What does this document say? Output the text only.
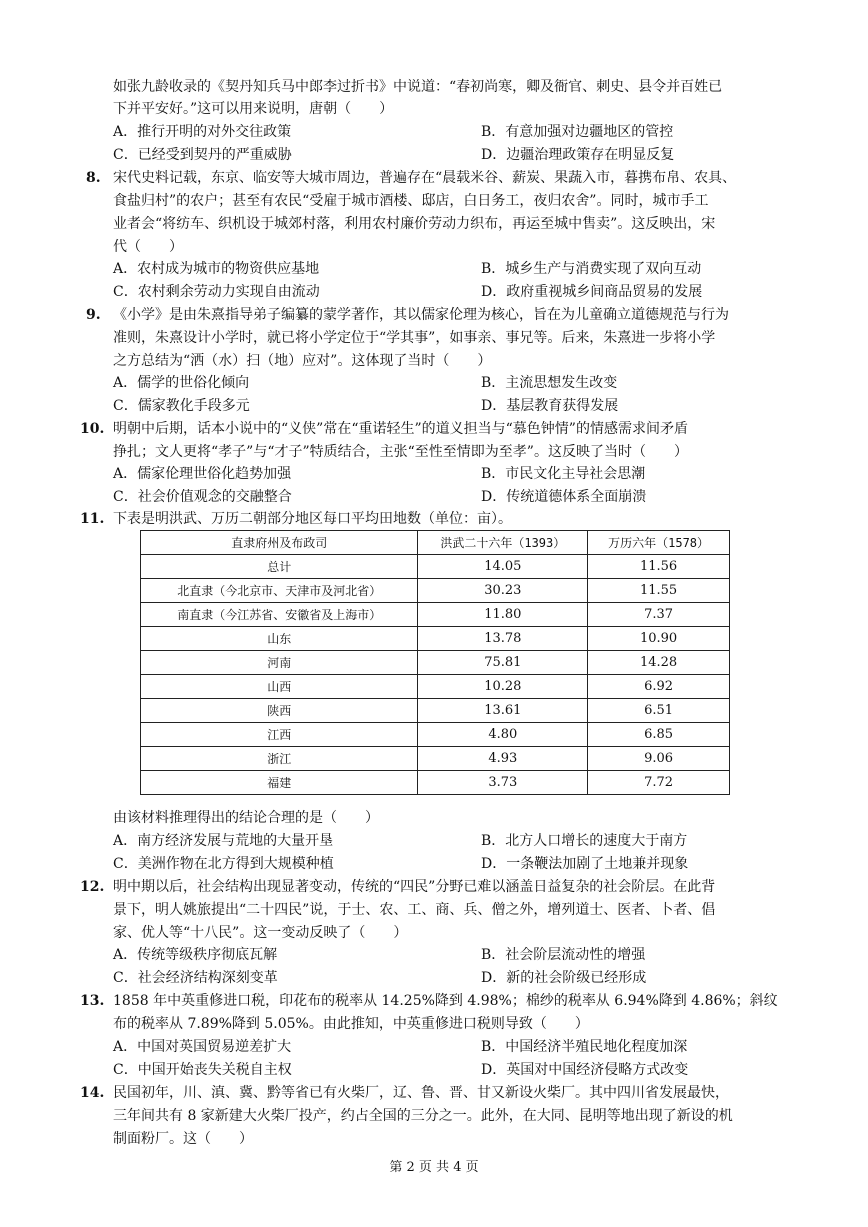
如张九龄收录的《契丹知兵马中郎李过折书》中说道：“春初尚寒，卿及衙官、刺史、县令并百姓已
下并平安好。”这可以用来说明，唐朝（　　）
A．推行开明的对外交往政策	B．有意加强对边疆地区的管控
C．已经受到契丹的严重威胁	D．边疆治理政策存在明显反复
8. 宋代史料记载，东京、临安等大城市周边，普遍存在“晨载米谷、薪炭、果蔬入市，暮携布帛、农具、
食盐归村”的农户；甚至有农民“受雇于城市酒楼、邸店，白日务工，夜归农舍”。同时，城市手工
业者会“将纺车、织机设于城郊村落，利用农村廉价劳动力织布，再运至城中售卖”。这反映出，宋
代（　　）
A．农村成为城市的物资供应基地	B．城乡生产与消费实现了双向互动
C．农村剩余劳动力实现自由流动	D．政府重视城乡间商品贸易的发展
9. 《小学》是由朱熹指导弟子编纂的蒙学著作，其以儒家伦理为核心，旨在为儿童确立道德规范与行为
准则，朱熹设计小学时，就已将小学定位于“学其事”，如事亲、事兄等。后来，朱熹进一步将小学
之方总结为“洒（水）扫（地）应对”。这体现了当时（　　）
A．儒学的世俗化倾向	B．主流思想发生改变
C．儒家教化手段多元	D．基层教育获得发展
10. 明朝中后期，话本小说中的“义侠”常在“重诺轻生”的道义担当与“慕色钟情”的情感需求间矛盾
挣扎；文人更将“孝子”与“才子”特质结合，主张“至性至情即为至孝”。这反映了当时（　　）
A．儒家伦理世俗化趋势加强	B．市民文化主导社会思潮
C．社会价值观念的交融整合	D．传统道德体系全面崩溃
11. 下表是明洪武、万历二朝部分地区每口平均田地数（单位：亩）。
直隶府州及布政司	洪武二十六年（1393）	万历六年（1578）
总计	14.05	11.56
北直隶（今北京市、天津市及河北省）	30.23	11.55
南直隶（今江苏省、安徽省及上海市）	11.80	7.37
山东	13.78	10.90
河南	75.81	14.28
山西	10.28	6.92
陕西	13.61	6.51
江西	4.80	6.85
浙江	4.93	9.06
福建	3.73	7.72
由该材料推理得出的结论合理的是（　　）
A．南方经济发展与荒地的大量开垦	B．北方人口增长的速度大于南方
C．美洲作物在北方得到大规模种植	D．一条鞭法加剧了土地兼并现象
12. 明中期以后，社会结构出现显著变动，传统的“四民”分野已难以涵盖日益复杂的社会阶层。在此背
景下，明人姚旅提出“二十四民”说，于士、农、工、商、兵、僧之外，增列道士、医者、卜者、倡
家、优人等“十八民”。这一变动反映了（　　）
A．传统等级秩序彻底瓦解	B．社会阶层流动性的增强
C．社会经济结构深刻变革	D．新的社会阶级已经形成
13. 1858 年中英重修进口税，印花布的税率从 14.25%降到 4.98%；棉纱的税率从 6.94%降到 4.86%；斜纹
布的税率从 7.89%降到 5.05%。由此推知，中英重修进口税则导致（　　）
A．中国对英国贸易逆差扩大	B．中国经济半殖民地化程度加深
C．中国开始丧失关税自主权	D．英国对中国经济侵略方式改变
14. 民国初年，川、滇、冀、黔等省已有火柴厂，辽、鲁、晋、甘又新设火柴厂。其中四川省发展最快，
三年间共有 8 家新建大火柴厂投产，约占全国的三分之一。此外，在大同、昆明等地出现了新设的机
制面粉厂。这（　　）
第 2 页 共 4 页
